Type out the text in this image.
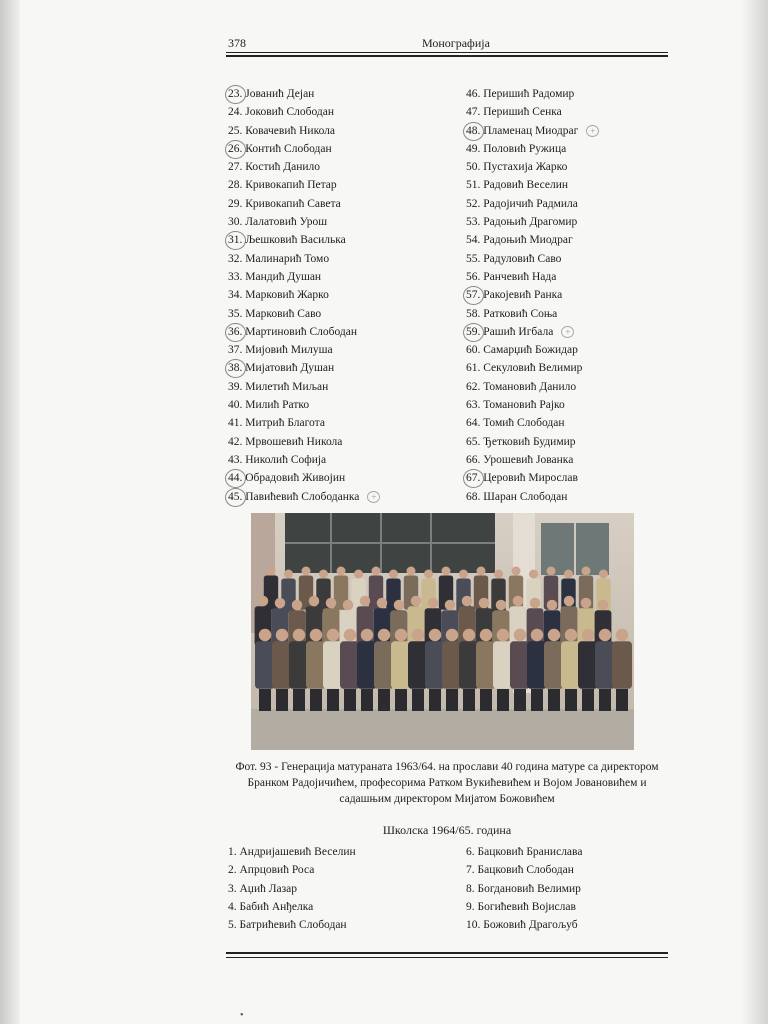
378	Монографија
23. Јованић Дејан
24. Јоковић Слободан
25. Ковачевић Никола
26. Контић Слободан
27. Костић Данило
28. Кривокапић Петар
29. Кривокапић Савета
30. Лалатовић Урош
31. Љешковић Василька
32. Малинарић Томо
33. Мандић Душан
34. Марковић Жарко
35. Марковић Саво
36. Мартиновић Слободан
37. Мијовић Милуша
38. Мијатовић Душан
39. Милетић Миљан
40. Милић Ратко
41. Митрић Благота
42. Мрвошевић Никола
43. Николић Софија
44. Обрадовић Живојин
45. Павићевић Слободанка +
46. Перишић Радомир
47. Перишић Сенка
48. Пламенац Миодраг +
49. Половић Ружица
50. Пустахија Жарко
51. Радовић Веселин
52. Радојичић Радмила
53. Радоњић Драгомир
54. Радоњић Миодраг
55. Радуловић Саво
56. Ранчевић Нада
57. Ракојевић Ранка
58. Ратковић Соња
59. Рашић Игбала +
60. Самарџић Божидар
61. Секуловић Велимир
62. Томановић Данило
63. Томановић Рајко
64. Томић Слободан
65. Ђетковић Будимир
66. Урошевић Јованка
67. Церовић Мирослав
68. Шаран Слободан
Фот. 93 - Генерација матураната 1963/64. на прослави 40 година матуре са директором Бранком Радојичићем, професорима Ратком Вукићевићем и Војом Јовановићем и садашњим директором Мијатом Божовићем
Школска 1964/65. година
1. Андријашевић Веселин
2. Апрцовић Роса
3. Аџић Лазар
4. Бабић Анђелка
5. Батрићевић Слободан
6. Бацковић Бранислава
7. Бацковић Слободан
8. Богдановић Велимир
9. Богићевић Војислав
10. Божовић Драгољуб
•
